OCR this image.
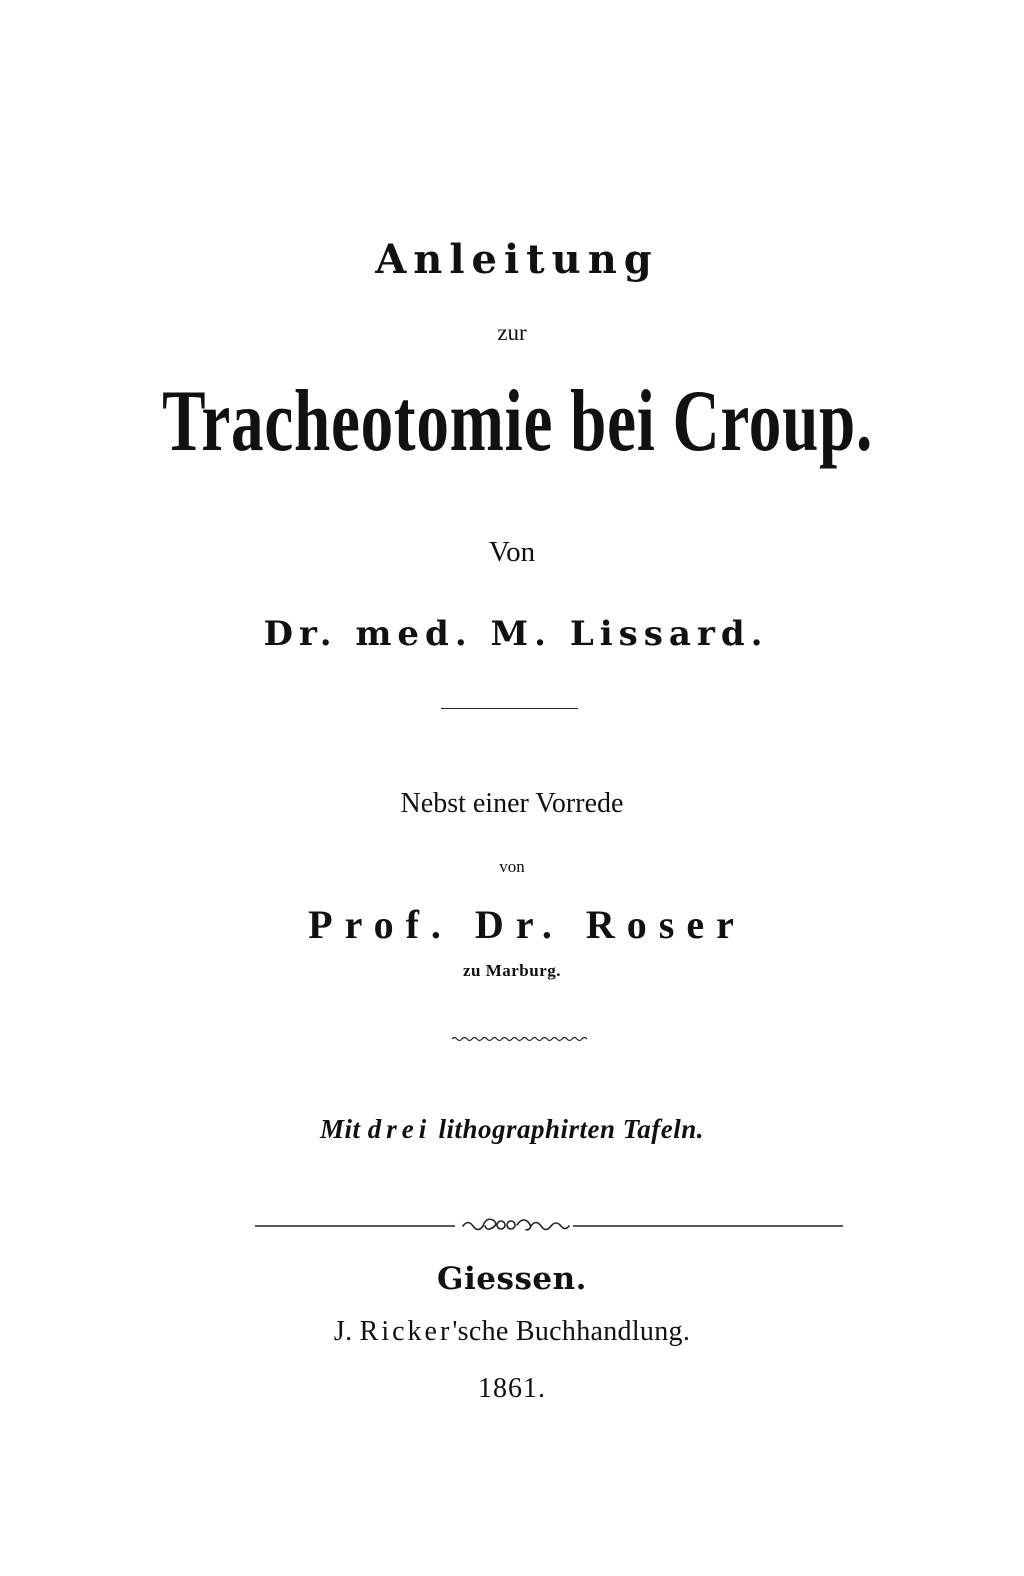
Anleitung
zur
Tracheotomie bei Croup.
Von
Dr. med. M. Lissard.
Nebst einer Vorrede
von
Prof. Dr. Roser
zu Marburg.
Mit drei lithographirten Tafeln.
Giessen.
J. Ricker'sche Buchhandlung.
1861.
